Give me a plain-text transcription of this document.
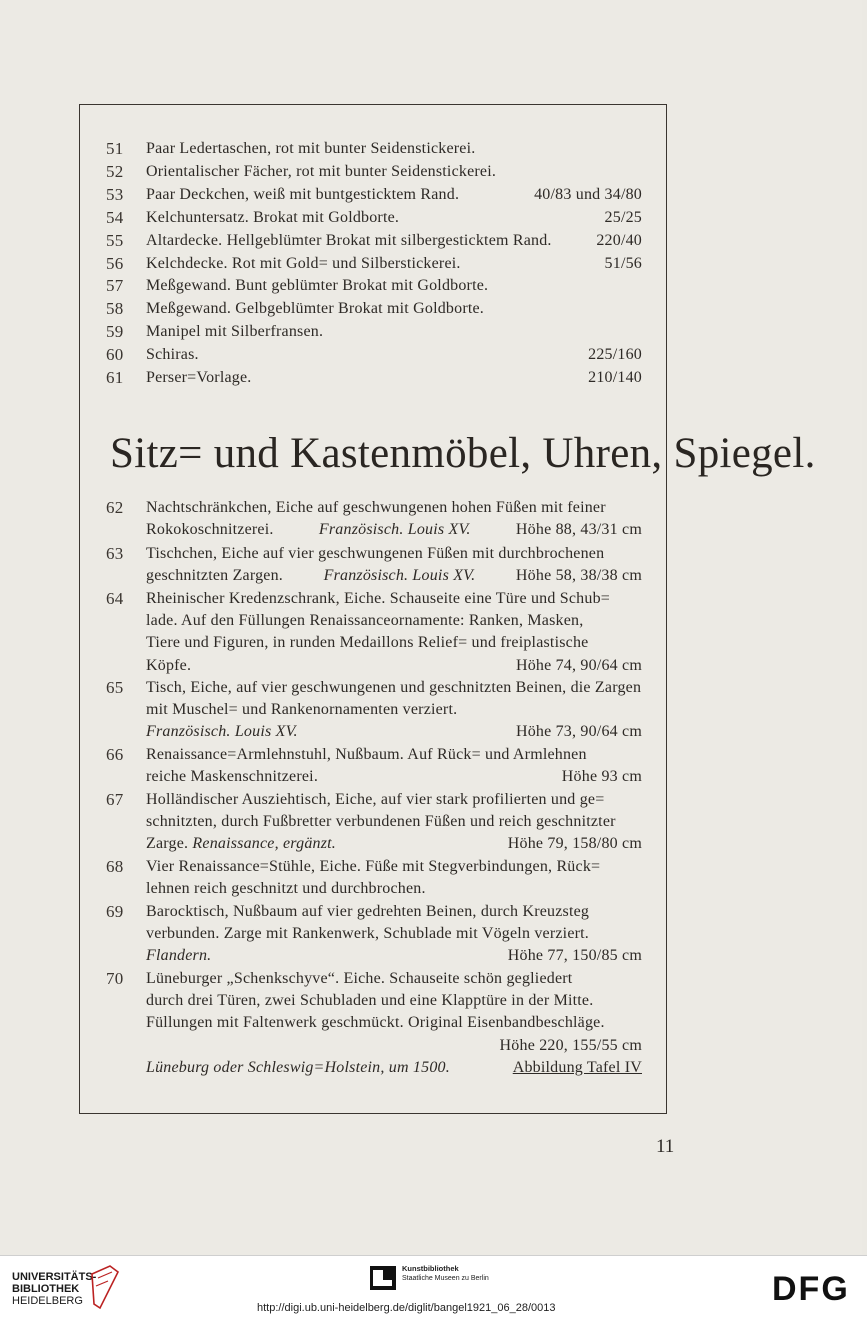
51	Paar Ledertaschen, rot mit bunter Seidenstickerei.
52	Orientalischer Fächer, rot mit bunter Seidenstickerei.
53	Paar Deckchen, weiß mit buntgesticktem Rand.	40/83 und 34/80
54	Kelchuntersatz. Brokat mit Goldborte.	25/25
55	Altardecke. Hellgeblümter Brokat mit silbergesticktem Rand.	220/40
56	Kelchdecke. Rot mit Gold= und Silberstickerei.	51/56
57	Meßgewand. Bunt geblümter Brokat mit Goldborte.
58	Meßgewand. Gelbgeblümter Brokat mit Goldborte.
59	Manipel mit Silberfransen.
60	Schiras.	225/160
61	Perser=Vorlage.	210/140
Sitz= und Kastenmöbel, Uhren, Spiegel.
62	Nachtschränkchen, Eiche auf geschwungenen hohen Füßen mit feiner
Rokokoschnitzerei.	Französisch. Louis XV.	Höhe 88, 43/31 cm
63	Tischchen, Eiche auf vier geschwungenen Füßen mit durchbrochenen
geschnitzten Zargen.	Französisch. Louis XV.	Höhe 58, 38/38 cm
64	Rheinischer Kredenzschrank, Eiche. Schauseite eine Türe und Schub=
lade. Auf den Füllungen Renaissanceornamente: Ranken, Masken,
Tiere und Figuren, in runden Medaillons Relief= und freiplastische
Köpfe.	Höhe 74, 90/64 cm
65	Tisch, Eiche, auf vier geschwungenen und geschnitzten Beinen, die Zargen
mit Muschel= und Rankenornamenten verziert.
Französisch. Louis XV.	Höhe 73, 90/64 cm
66	Renaissance=Armlehnstuhl, Nußbaum. Auf Rück= und Armlehnen
reiche Maskenschnitzerei.	Höhe 93 cm
67	Holländischer Ausziehtisch, Eiche, auf vier stark profilierten und ge=
schnitzten, durch Fußbretter verbundenen Füßen und reich geschnitzter
Zarge. Renaissance, ergänzt.	Höhe 79, 158/80 cm
68	Vier Renaissance=Stühle, Eiche. Füße mit Stegverbindungen, Rück=
lehnen reich geschnitzt und durchbrochen.
69	Barocktisch, Nußbaum auf vier gedrehten Beinen, durch Kreuzsteg
verbunden. Zarge mit Rankenwerk, Schublade mit Vögeln verziert.
Flandern.	Höhe 77, 150/85 cm
70	Lüneburger „Schenkschyve“. Eiche. Schauseite schön gegliedert
durch drei Türen, zwei Schubladen und eine Klapptüre in der Mitte.
Füllungen mit Faltenwerk geschmückt. Original Eisenbandbeschläge.
Höhe 220, 155/55 cm
Lüneburg oder Schleswig=Holstein, um 1500.	Abbildung Tafel IV
11
UNIVERSITÄTS-
BIBLIOTHEK
HEIDELBERG
Kunstbibliothek
Staatliche Museen zu Berlin
http://digi.ub.uni-heidelberg.de/diglit/bangel1921_06_28/0013	DFG
